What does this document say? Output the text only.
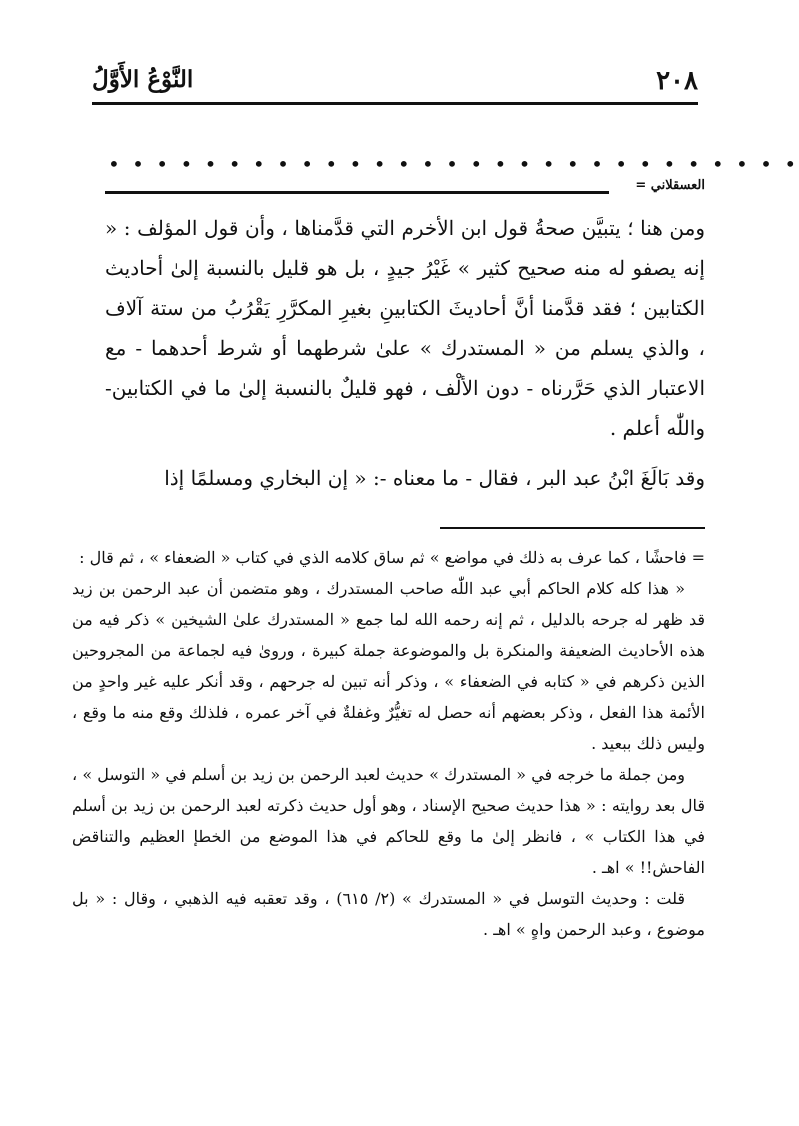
٢٠٨
النَّوْعُ الأَوَّلُ
• • • • • • • • • • • • • • • • • • • • • • • • • • • • •
العسقلاني =

ومن هنا ؛ يتبيَّن صحةُ قول ابن الأخرم التي قدَّمناها ، وأن قول المؤلف : « إنه يصفو له منه صحيح كثير » غَيْرُ جيدٍ ، بل هو قليل بالنسبة إلىٰ أحاديث الكتابين ؛ فقد قدَّمنا أنَّ أحاديثَ الكتابينِ بغيرِ المكرَّرِ يَقْرُبُ من ستة آلاف ، والذي يسلم من « المستدرك » علىٰ شرطهما أو شرط أحدهما - مع الاعتبار الذي حَرَّرناه - دون الألْف ، فهو قليلٌ بالنسبة إلىٰ ما في الكتابين- واللّٰه أعلم .

وقد بَالَغَ ابْنُ عبد البر ، فقال - ما معناه -: « إن البخاري ومسلمًا إذا

= فاحشًا ، كما عرف به ذلك في مواضع » ثم ساق كلامه الذي في كتاب « الضعفاء » ، ثم قال :

« هذا كله كلام الحاكم أبي عبد اللّٰه صاحب المستدرك ، وهو متضمن أن عبد الرحمن بن زيد قد ظهر له جرحه بالدليل ، ثم إنه رحمه الله لما جمع « المستدرك علىٰ الشيخين » ذكر فيه من هذه الأحاديث الضعيفة والمنكرة بل والموضوعة جملة كبيرة ، وروىٰ فيه لجماعة من المجروحين الذين ذكرهم في « كتابه في الضعفاء » ، وذكر أنه تبين له جرحهم ، وقد أنكر عليه غير واحدٍ من الأئمة هذا الفعل ، وذكر بعضهم أنه حصل له تغيُّرٌ وغفلةٌ في آخر عمره ، فلذلك وقع منه ما وقع ، وليس ذلك ببعيد .

ومن جملة ما خرجه في « المستدرك » حديث لعبد الرحمن بن زيد بن أسلم في « التوسل » ، قال بعد روايته : « هذا حديث صحيح الإسناد ، وهو أول حديث ذكرته لعبد الرحمن بن زيد بن أسلم في هذا الكتاب » ، فانظر إلىٰ ما وقع للحاكم في هذا الموضع من الخطإ العظيم والتناقض الفاحش!! » اهـ .

قلت : وحديث التوسل في « المستدرك » (٢/ ٦١٥) ، وقد تعقبه فيه الذهبي ، وقال : « بل موضوع ، وعبد الرحمن واهٍ » اهـ .
